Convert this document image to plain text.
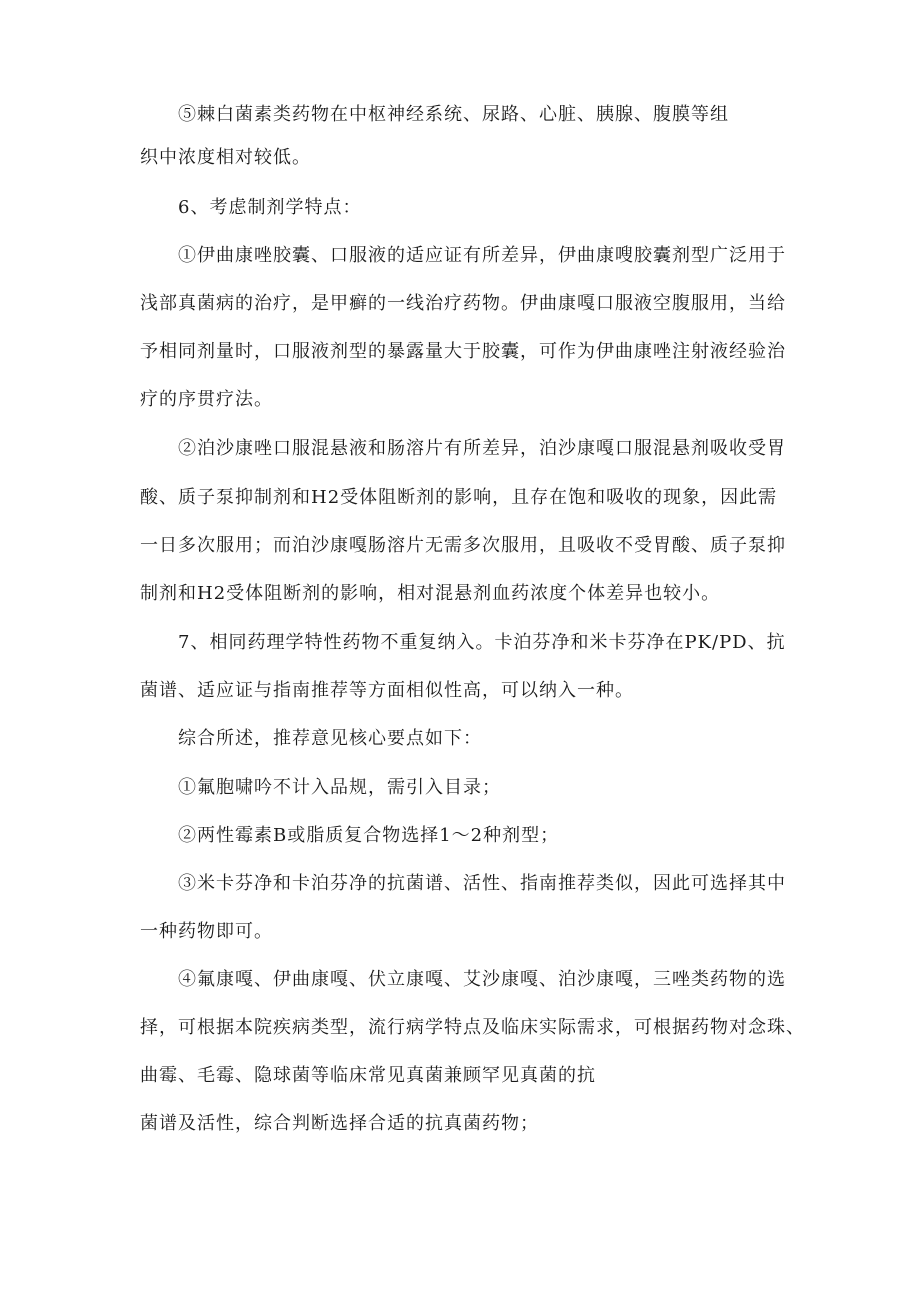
⑤棘白菌素类药物在中枢神经系统、尿路、心脏、胰腺、腹膜等组
织中浓度相对较低。
6、考虑制剂学特点：
①伊曲康唑胶囊、口服液的适应证有所差异，伊曲康嗖胶囊剂型广泛用于
浅部真菌病的治疗，是甲癣的一线治疗药物。伊曲康嘎口服液空腹服用，当给
予相同剂量时，口服液剂型的暴露量大于胶囊，可作为伊曲康唑注射液经验治
疗的序贯疗法。
②泊沙康唑口服混悬液和肠溶片有所差异，泊沙康嘎口服混悬剂吸收受胃
酸、质子泵抑制剂和H2受体阻断剂的影响，且存在饱和吸收的现象，因此需
一日多次服用；而泊沙康嘎肠溶片无需多次服用，且吸收不受胃酸、质子泵抑
制剂和H2受体阻断剂的影响，相对混悬剂血药浓度个体差异也较小。
7、相同药理学特性药物不重复纳入。卡泊芬净和米卡芬净在PK/PD、抗
菌谱、适应证与指南推荐等方面相似性高，可以纳入一种。
综合所述，推荐意见核心要点如下：
①氟胞啸吟不计入品规，需引入目录；
②两性霉素B或脂质复合物选择1～2种剂型；
③米卡芬净和卡泊芬净的抗菌谱、活性、指南推荐类似，因此可选择其中
一种药物即可。
④氟康嘎、伊曲康嘎、伏立康嘎、艾沙康嘎、泊沙康嘎，三唑类药物的选
择，可根据本院疾病类型，流行病学特点及临床实际需求，可根据药物对念珠、
曲霉、毛霉、隐球菌等临床常见真菌兼顾罕见真菌的抗
菌谱及活性，综合判断选择合适的抗真菌药物；
